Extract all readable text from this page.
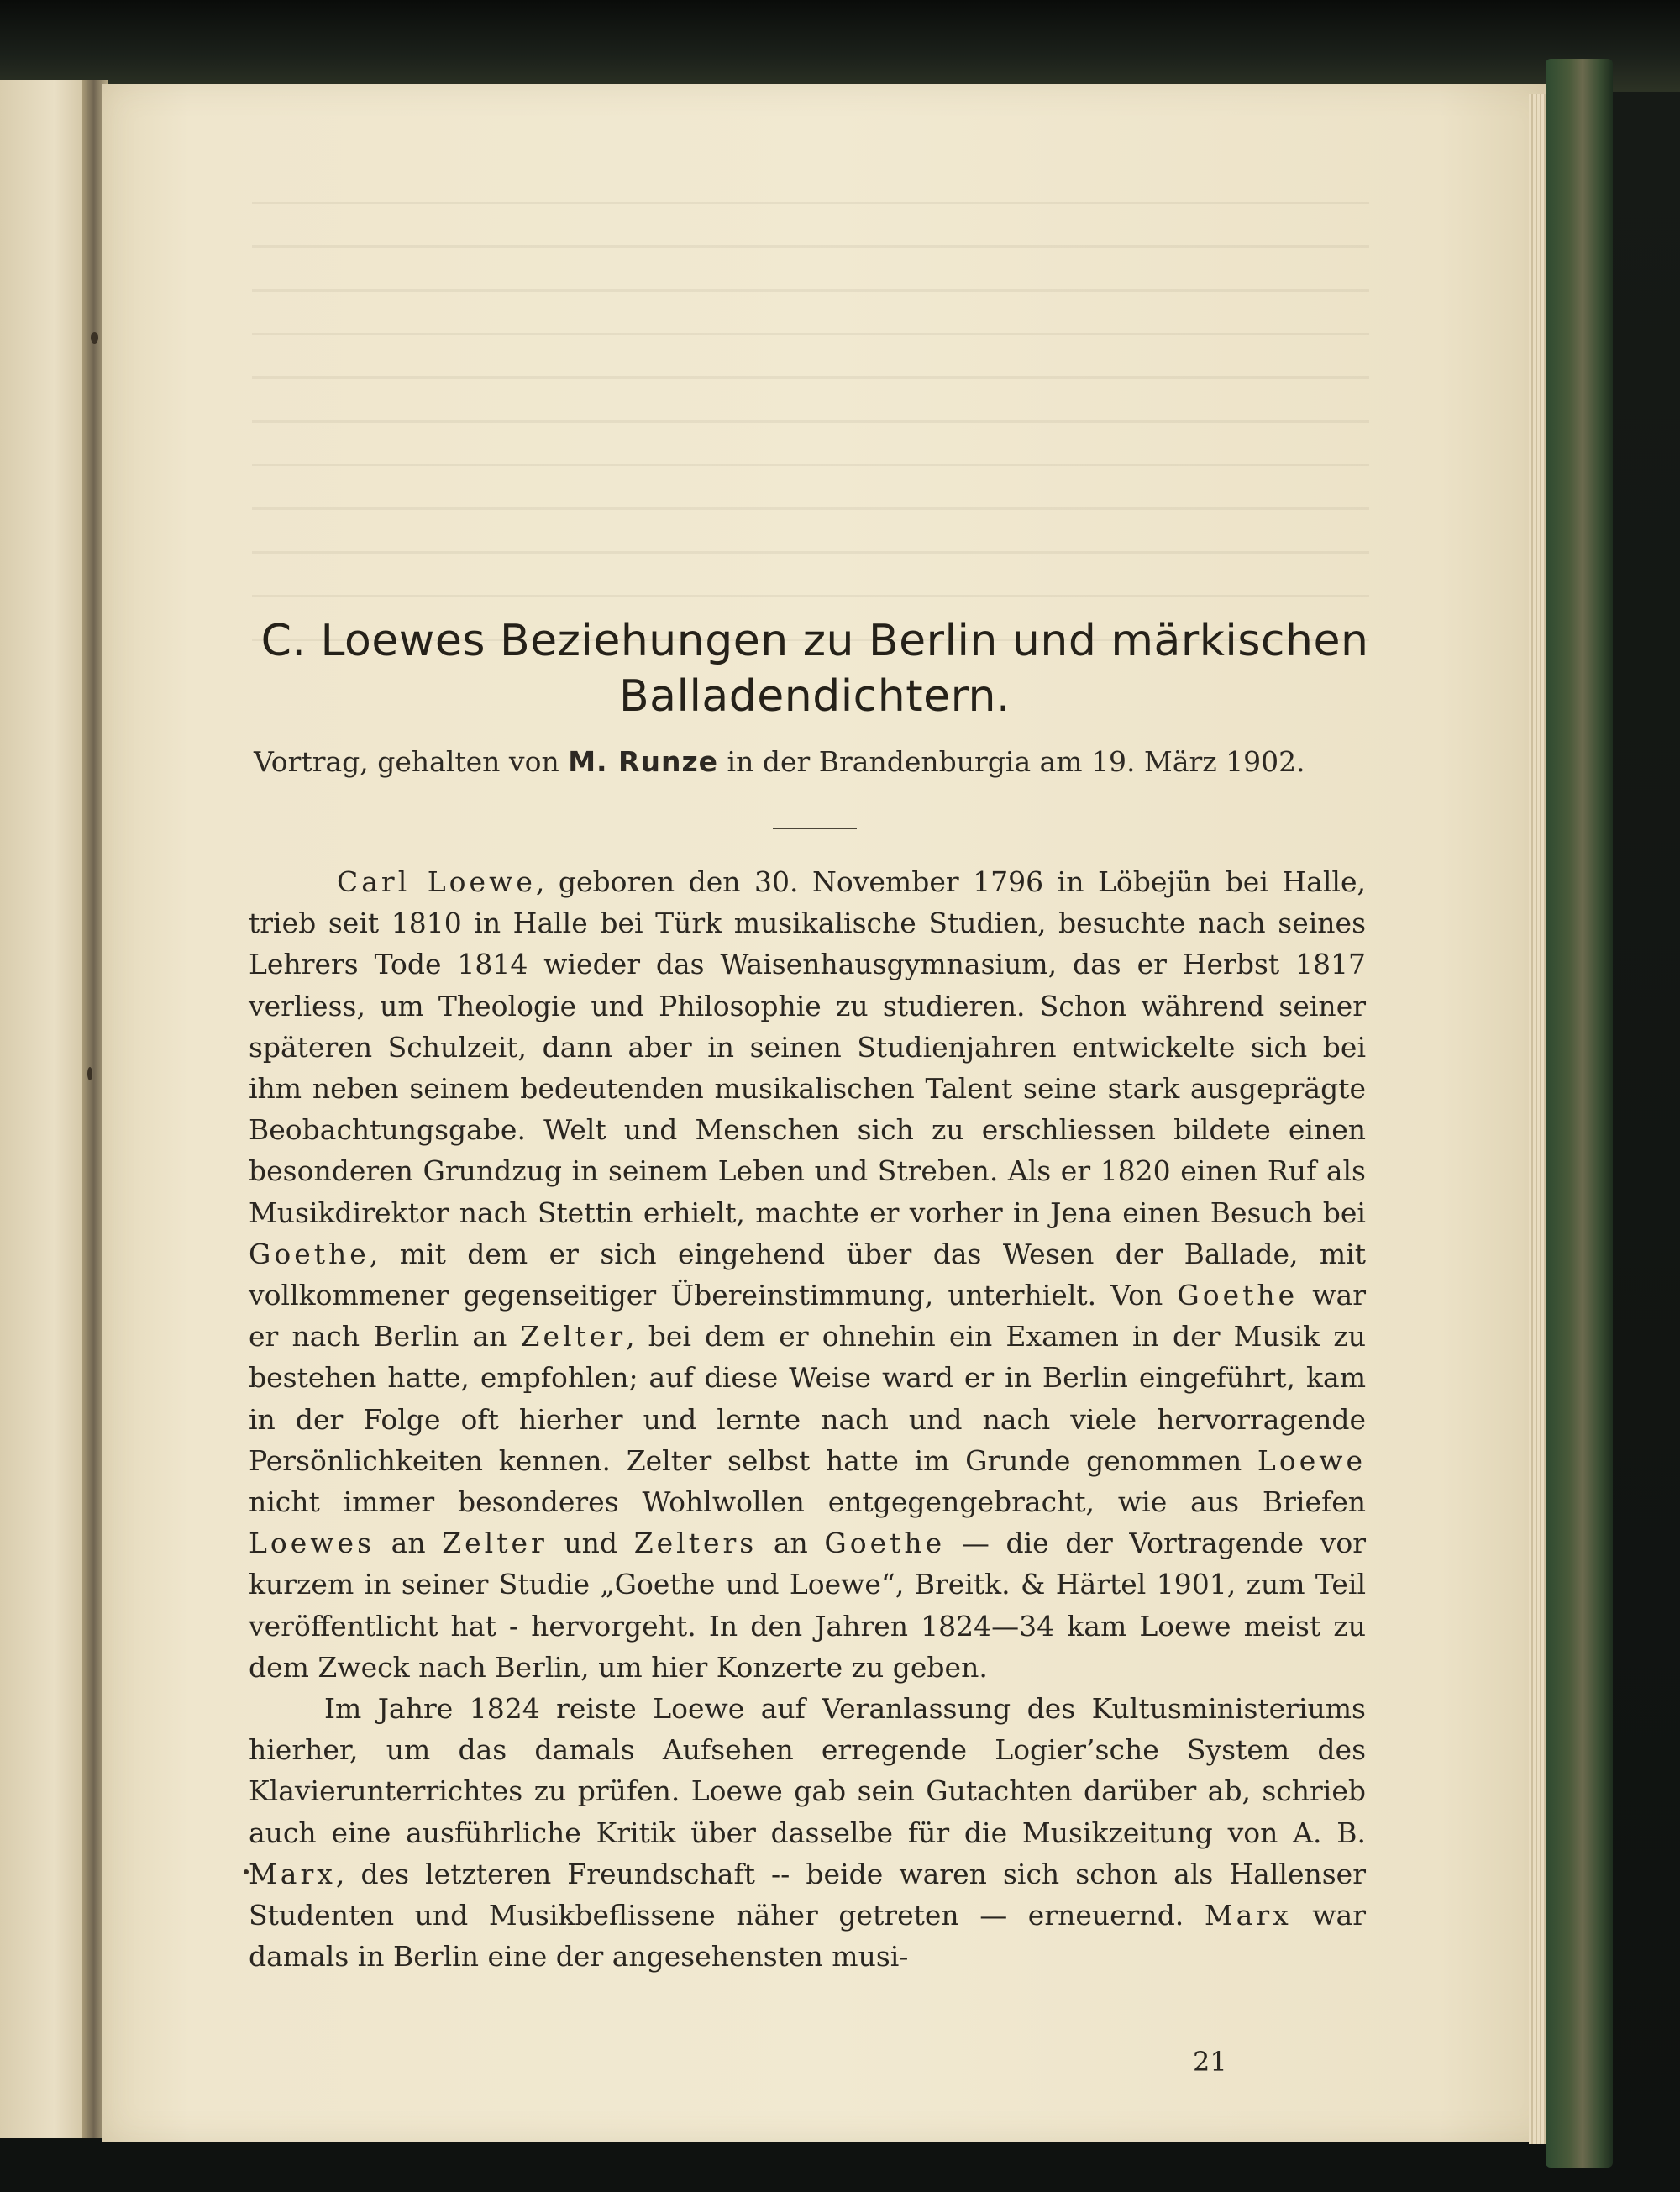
C. Loewes Beziehungen zu Berlin und märkischen Balladendichtern.
Vortrag, gehalten von M. Runze in der Brandenburgia am 19. März 1902.

Carl Loewe, geboren den 30. November 1796 in Löbejün bei Halle, trieb seit 1810 in Halle bei Türk musikalische Studien, besuchte nach seines Lehrers Tode 1814 wieder das Waisenhausgymnasium, das er Herbst 1817 verliess, um Theologie und Philosophie zu studieren. Schon während seiner späteren Schulzeit, dann aber in seinen Studienjahren entwickelte sich bei ihm neben seinem bedeutenden musikalischen Talent seine stark ausgeprägte Beobachtungsgabe. Welt und Menschen sich zu erschliessen bildete einen besonderen Grundzug in seinem Leben und Streben. Als er 1820 einen Ruf als Musikdirektor nach Stettin erhielt, machte er vorher in Jena einen Besuch bei Goethe, mit dem er sich eingehend über das Wesen der Ballade, mit vollkommener gegenseitiger Übereinstimmung, unterhielt. Von Goethe war er nach Berlin an Zelter, bei dem er ohnehin ein Examen in der Musik zu bestehen hatte, empfohlen; auf diese Weise ward er in Berlin eingeführt, kam in der Folge oft hierher und lernte nach und nach viele hervorragende Persönlichkeiten kennen. Zelter selbst hatte im Grunde genommen Loewe nicht immer besonderes Wohlwollen entgegengebracht, wie aus Briefen Loewes an Zelter und Zelters an Goethe — die der Vortragende vor kurzem in seiner Studie „Goethe und Loewe“, Breitk. & Härtel 1901, zum Teil veröffentlicht hat - hervorgeht. In den Jahren 1824—34 kam Loewe meist zu dem Zweck nach Berlin, um hier Konzerte zu geben.

Im Jahre 1824 reiste Loewe auf Veranlassung des Kultusministeriums hierher, um das damals Aufsehen erregende Logier’sche System des Klavierunterrichtes zu prüfen. Loewe gab sein Gutachten darüber ab, schrieb auch eine ausführliche Kritik über dasselbe für die Musikzeitung von A. B. Marx, des letzteren Freundschaft -- beide waren sich schon als Hallenser Studenten und Musikbeflissene näher getreten — erneuernd. Marx war damals in Berlin eine der angesehensten musi-

21
